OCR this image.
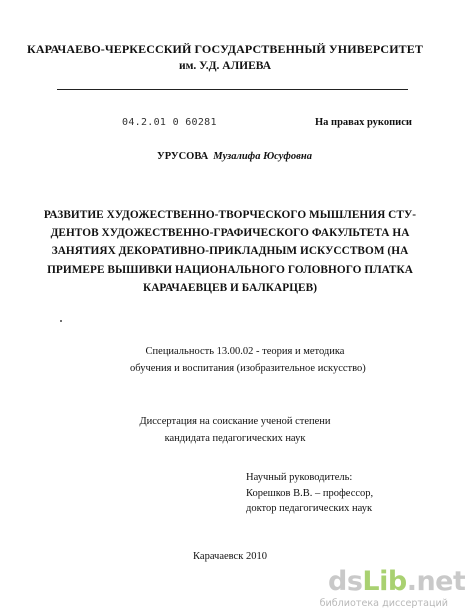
КАРАЧАЕВО-ЧЕРКЕССКИЙ ГОСУДАРСТВЕННЫЙ УНИВЕРСИТЕТ
им. У.Д. АЛИЕВА
04.2.01 0 60281	На правах рукописи
УРУСОВА Музалифа Юсуфовна
РАЗВИТИЕ ХУДОЖЕСТВЕННО-ТВОРЧЕСКОГО МЫШЛЕНИЯ СТУ-
ДЕНТОВ ХУДОЖЕСТВЕННО-ГРАФИЧЕСКОГО ФАКУЛЬТЕТА НА
ЗАНЯТИЯХ ДЕКОРАТИВНО-ПРИКЛАДНЫМ ИСКУССТВОМ (НА
ПРИМЕРЕ ВЫШИВКИ НАЦИОНАЛЬНОГО ГОЛОВНОГО ПЛАТКА
КАРАЧАЕВЦЕВ И БАЛКАРЦЕВ)
Специальность 13.00.02 - теория и методика
обучения и воспитания (изобразительное искусство)
Диссертация на соискание ученой степени
кандидата педагогических наук
Научный руководитель:
Корешков В.В. – профессор,
доктор педагогических наук
Карачаевск 2010
dsLib.net
библиотека диссертаций
